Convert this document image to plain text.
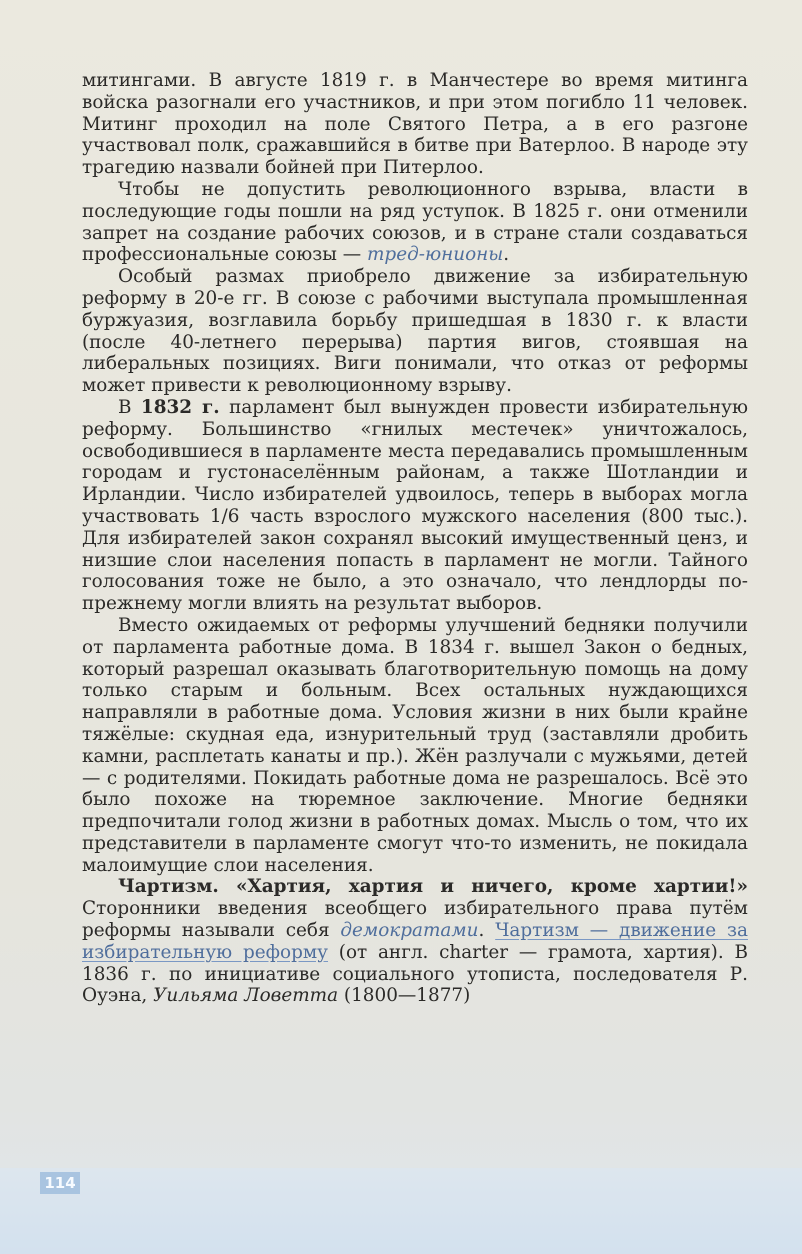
митингами. В августе 1819 г. в Манчестере во время митинга войска разогнали его участников, и при этом погибло 11 человек. Митинг проходил на поле Святого Петра, а в его разгоне участвовал полк, сражавшийся в битве при Ватерлоо. В народе эту трагедию назвали бойней при Питерлоо.

Чтобы не допустить революционного взрыва, власти в последующие годы пошли на ряд уступок. В 1825 г. они отменили запрет на создание рабочих союзов, и в стране стали создаваться профессиональные союзы — тред-юнионы.

Особый размах приобрело движение за избирательную реформу в 20-е гг. В союзе с рабочими выступала промышленная буржуазия, возглавила борьбу пришедшая в 1830 г. к власти (после 40-летнего перерыва) партия вигов, стоявшая на либеральных позициях. Виги понимали, что отказ от реформы может привести к революционному взрыву.

В 1832 г. парламент был вынужден провести избирательную реформу. Большинство «гнилых местечек» уничтожалось, освободившиеся в парламенте места передавались промышленным городам и густонаселённым районам, а также Шотландии и Ирландии. Число избирателей удвоилось, теперь в выборах могла участвовать 1/6 часть взрослого мужского населения (800 тыс.). Для избирателей закон сохранял высокий имущественный ценз, и низшие слои населения попасть в парламент не могли. Тайного голосования тоже не было, а это означало, что лендлорды по-прежнему могли влиять на результат выборов.

Вместо ожидаемых от реформы улучшений бедняки получили от парламента работные дома. В 1834 г. вышел Закон о бедных, который разрешал оказывать благотворительную помощь на дому только старым и больным. Всех остальных нуждающихся направляли в работные дома. Условия жизни в них были крайне тяжёлые: скудная еда, изнурительный труд (заставляли дробить камни, расплетать канаты и пр.). Жён разлучали с мужьями, детей — с родителями. Покидать работные дома не разрешалось. Всё это было похоже на тюремное заключение. Многие бедняки предпочитали голод жизни в работных домах. Мысль о том, что их представители в парламенте смогут что-то изменить, не покидала малоимущие слои населения.

Чартизм. «Хартия, хартия и ничего, кроме хартии!» Сторонники введения всеобщего избирательного права путём реформы называли себя демократами. Чартизм — движение за избирательную реформу (от англ. charter — грамота, хартия). В 1836 г. по инициативе социального утописта, последователя Р. Оуэна, Уильяма Ловетта (1800—1877)

114
